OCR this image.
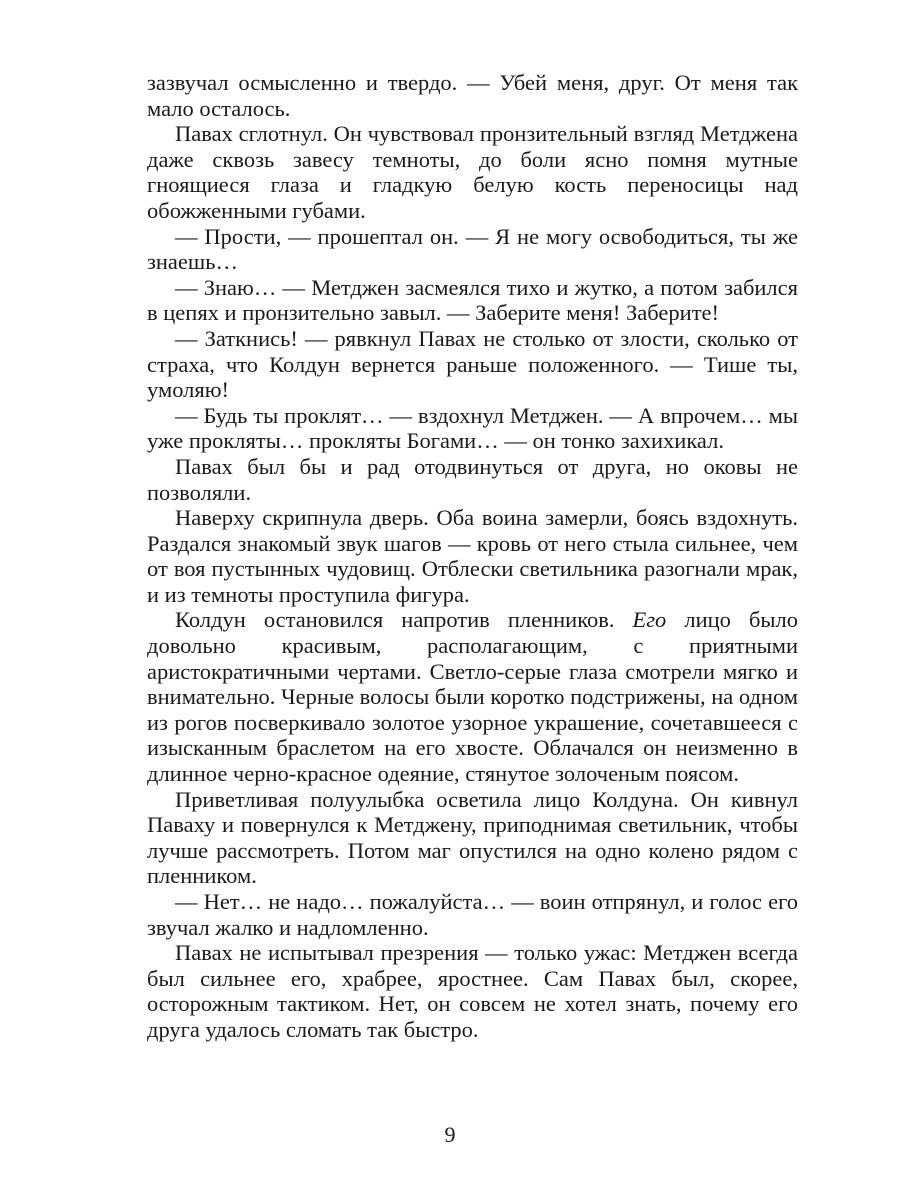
зазвучал осмысленно и твердо. — Убей меня, друг. От меня так мало осталось.

Павах сглотнул. Он чувствовал пронзительный взгляд Метджена даже сквозь завесу темноты, до боли ясно помня мутные гноящиеся глаза и гладкую белую кость переносицы над обожженными губами.

— Прости, — прошептал он. — Я не могу освободиться, ты же знаешь…

— Знаю… — Метджен засмеялся тихо и жутко, а потом забился в цепях и пронзительно завыл. — Заберите меня! Заберите!

— Заткнись! — рявкнул Павах не столько от злости, сколько от страха, что Колдун вернется раньше положенного. — Тише ты, умоляю!

— Будь ты проклят… — вздохнул Метджен. — А впрочем… мы уже прокляты… прокляты Богами… — он тонко захихикал.

Павах был бы и рад отодвинуться от друга, но оковы не позволяли.

Наверху скрипнула дверь. Оба воина замерли, боясь вздохнуть. Раздался знакомый звук шагов — кровь от него стыла сильнее, чем от воя пустынных чудовищ. Отблески светильника разогнали мрак, и из темноты проступила фигура.

Колдун остановился напротив пленников. Его лицо было довольно красивым, располагающим, с приятными аристократичными чертами. Светло-серые глаза смотрели мягко и внимательно. Черные волосы были коротко подстрижены, на одном из рогов посверкивало золотое узорное украшение, сочетавшееся с изысканным браслетом на его хвосте. Облачался он неизменно в длинное черно-красное одеяние, стянутое золоченым поясом.

Приветливая полуулыбка осветила лицо Колдуна. Он кивнул Паваху и повернулся к Метджену, приподнимая светильник, чтобы лучше рассмотреть. Потом маг опустился на одно колено рядом с пленником.

— Нет… не надо… пожалуйста… — воин отпрянул, и голос его звучал жалко и надломленно.

Павах не испытывал презрения — только ужас: Метджен всегда был сильнее его, храбрее, яростнее. Сам Павах был, скорее, осторожным тактиком. Нет, он совсем не хотел знать, почему его друга удалось сломать так быстро.

9
